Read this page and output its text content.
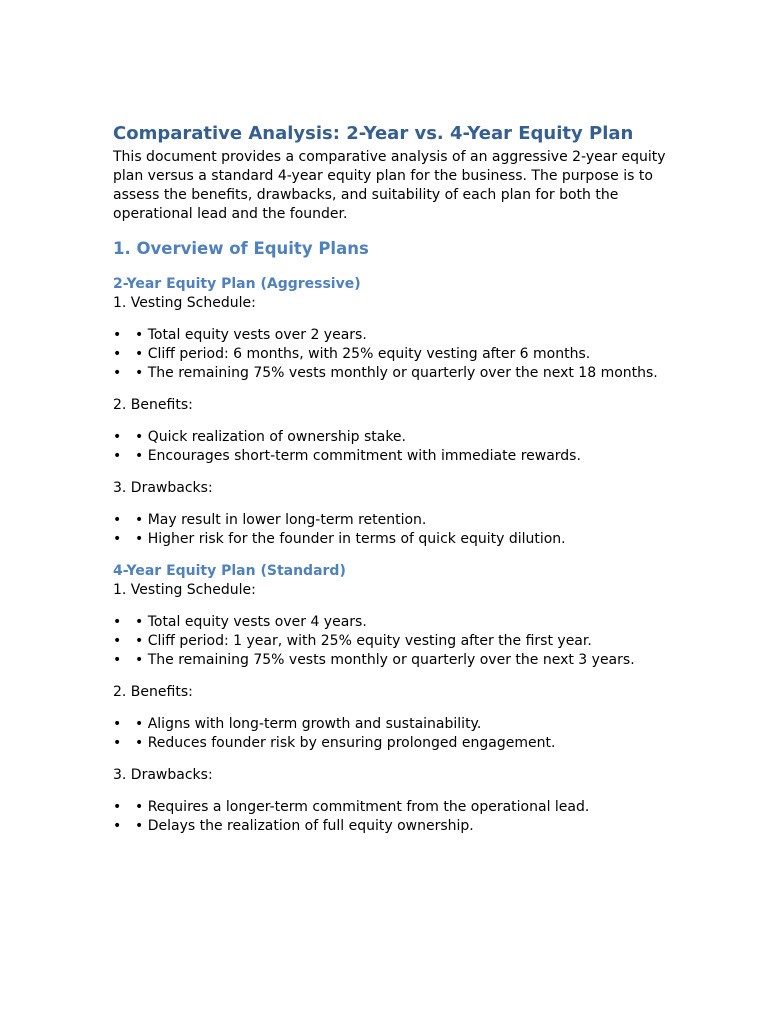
Comparative Analysis: 2-Year vs. 4-Year Equity Plan

This document provides a comparative analysis of an aggressive 2-year equity plan versus a standard 4-year equity plan for the business. The purpose is to assess the benefits, drawbacks, and suitability of each plan for both the operational lead and the founder.

1. Overview of Equity Plans
2-Year Equity Plan (Aggressive)

1. Vesting Schedule:

• • Total equity vests over 2 years.
• • Cliff period: 6 months, with 25% equity vesting after 6 months.
• • The remaining 75% vests monthly or quarterly over the next 18 months.

2. Benefits:

• • Quick realization of ownership stake.
• • Encourages short-term commitment with immediate rewards.

3. Drawbacks:

• • May result in lower long-term retention.
• • Higher risk for the founder in terms of quick equity dilution.
4-Year Equity Plan (Standard)

1. Vesting Schedule:

• • Total equity vests over 4 years.
• • Cliff period: 1 year, with 25% equity vesting after the first year.
• • The remaining 75% vests monthly or quarterly over the next 3 years.

2. Benefits:

• • Aligns with long-term growth and sustainability.
• • Reduces founder risk by ensuring prolonged engagement.

3. Drawbacks:

• • Requires a longer-term commitment from the operational lead.
• • Delays the realization of full equity ownership.
